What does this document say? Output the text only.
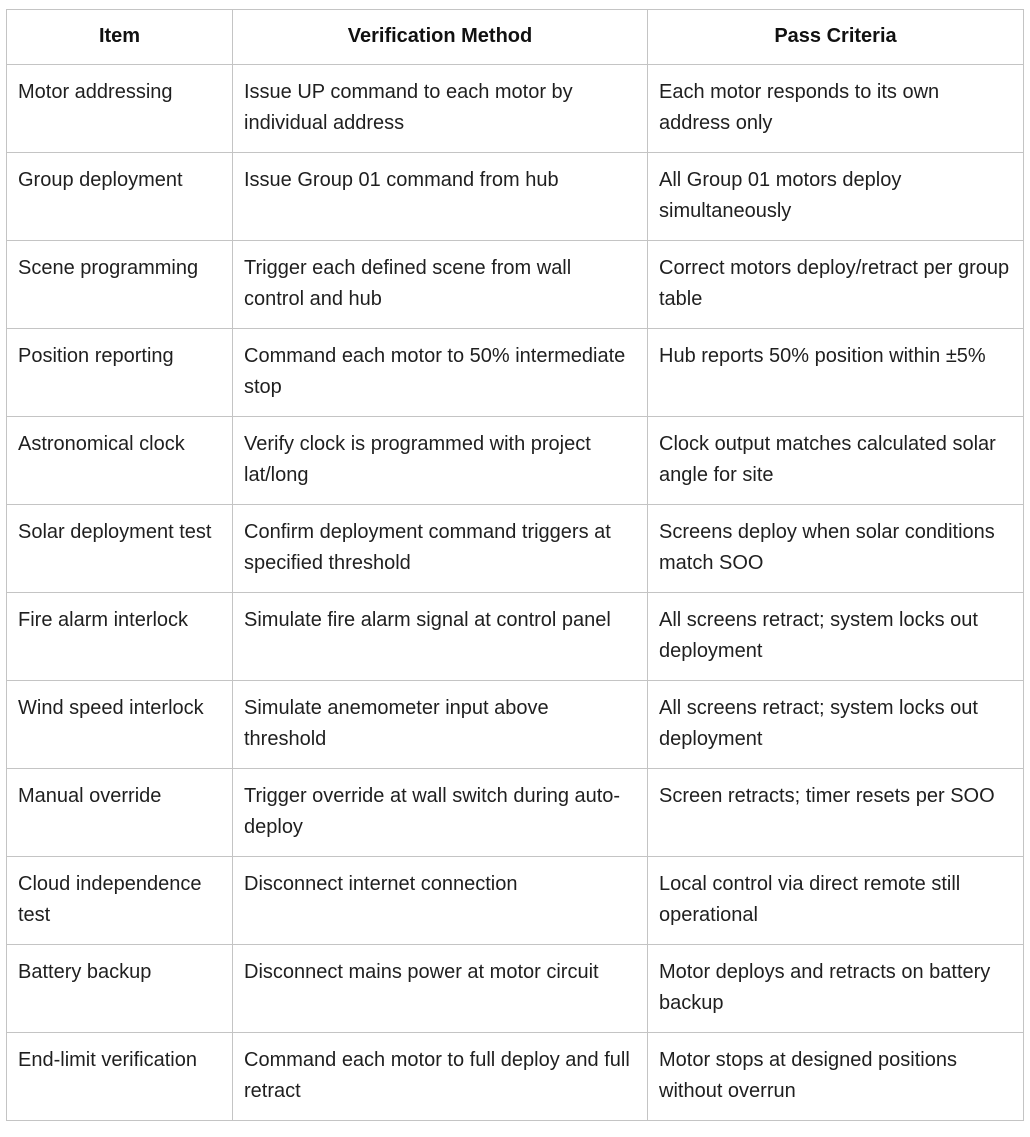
Item	Verification Method	Pass Criteria
Motor addressing	Issue UP command to each motor by individual address	Each motor responds to its own address only
Group deployment	Issue Group 01 command from hub	All Group 01 motors deploy simultaneously
Scene programming	Trigger each defined scene from wall control and hub	Correct motors deploy/retract per group table
Position reporting	Command each motor to 50% intermediate stop	Hub reports 50% position within ±5%
Astronomical clock	Verify clock is programmed with project lat/long	Clock output matches calculated solar angle for site
Solar deployment test	Confirm deployment command triggers at specified threshold	Screens deploy when solar conditions match SOO
Fire alarm interlock	Simulate fire alarm signal at control panel	All screens retract; system locks out deployment
Wind speed interlock	Simulate anemometer input above threshold	All screens retract; system locks out deployment
Manual override	Trigger override at wall switch during auto-deploy	Screen retracts; timer resets per SOO
Cloud independence test	Disconnect internet connection	Local control via direct remote still operational
Battery backup	Disconnect mains power at motor circuit	Motor deploys and retracts on battery backup
End-limit verification	Command each motor to full deploy and full retract	Motor stops at designed positions without overrun
